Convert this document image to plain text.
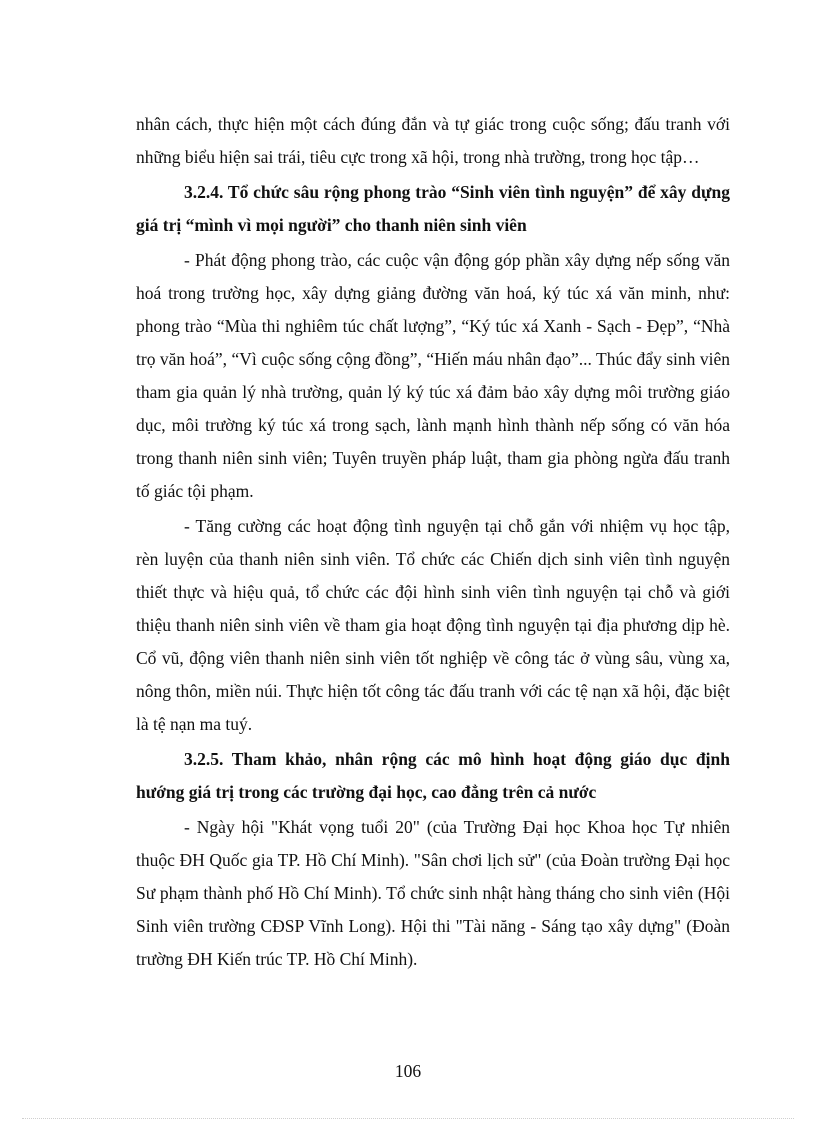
nhân cách, thực hiện một cách đúng đắn và tự giác trong cuộc sống; đấu tranh với những biểu hiện sai trái, tiêu cực trong xã hội, trong nhà trường, trong học tập…

3.2.4. Tổ chức sâu rộng phong trào “Sinh viên tình nguyện” để xây dựng giá trị “mình vì mọi người” cho thanh niên sinh viên

- Phát động phong trào, các cuộc vận động góp phần xây dựng nếp sống văn hoá trong trường học, xây dựng giảng đường văn hoá, ký túc xá văn minh, như: phong trào “Mùa thi nghiêm túc chất lượng”, “Ký túc xá Xanh - Sạch - Đẹp”, “Nhà trọ văn hoá”, “Vì cuộc sống cộng đồng”, “Hiến máu nhân đạo”... Thúc đẩy sinh viên tham gia quản lý nhà trường, quản lý ký túc xá đảm bảo xây dựng môi trường giáo dục, môi trường ký túc xá trong sạch, lành mạnh hình thành nếp sống có văn hóa trong thanh niên sinh viên; Tuyên truyền pháp luật, tham gia phòng ngừa đấu tranh tố giác tội phạm.

- Tăng cường các hoạt động tình nguyện tại chỗ gắn với nhiệm vụ học tập, rèn luyện của thanh niên sinh viên. Tổ chức các Chiến dịch sinh viên tình nguyện thiết thực và hiệu quả, tổ chức các đội hình sinh viên tình nguyện tại chỗ và giới thiệu thanh niên sinh viên về tham gia hoạt động tình nguyện tại địa phương dịp hè. Cổ vũ, động viên thanh niên sinh viên tốt nghiệp về công tác ở vùng sâu, vùng xa, nông thôn, miền núi. Thực hiện tốt công tác đấu tranh với các tệ nạn xã hội, đặc biệt là tệ nạn ma tuý.

3.2.5. Tham khảo, nhân rộng các mô hình hoạt động giáo dục định hướng giá trị trong các trường đại học, cao đẳng trên cả nước

- Ngày hội "Khát vọng tuổi 20" (của Trường Đại học Khoa học Tự nhiên thuộc ĐH Quốc gia TP. Hồ Chí Minh). "Sân chơi lịch sử" (của Đoàn trường Đại học Sư phạm thành phố Hồ Chí Minh). Tổ chức sinh nhật hàng tháng cho sinh viên (Hội Sinh viên trường CĐSP Vĩnh Long). Hội thi "Tài năng - Sáng tạo xây dựng" (Đoàn trường ĐH Kiến trúc TP. Hồ Chí Minh).

106
